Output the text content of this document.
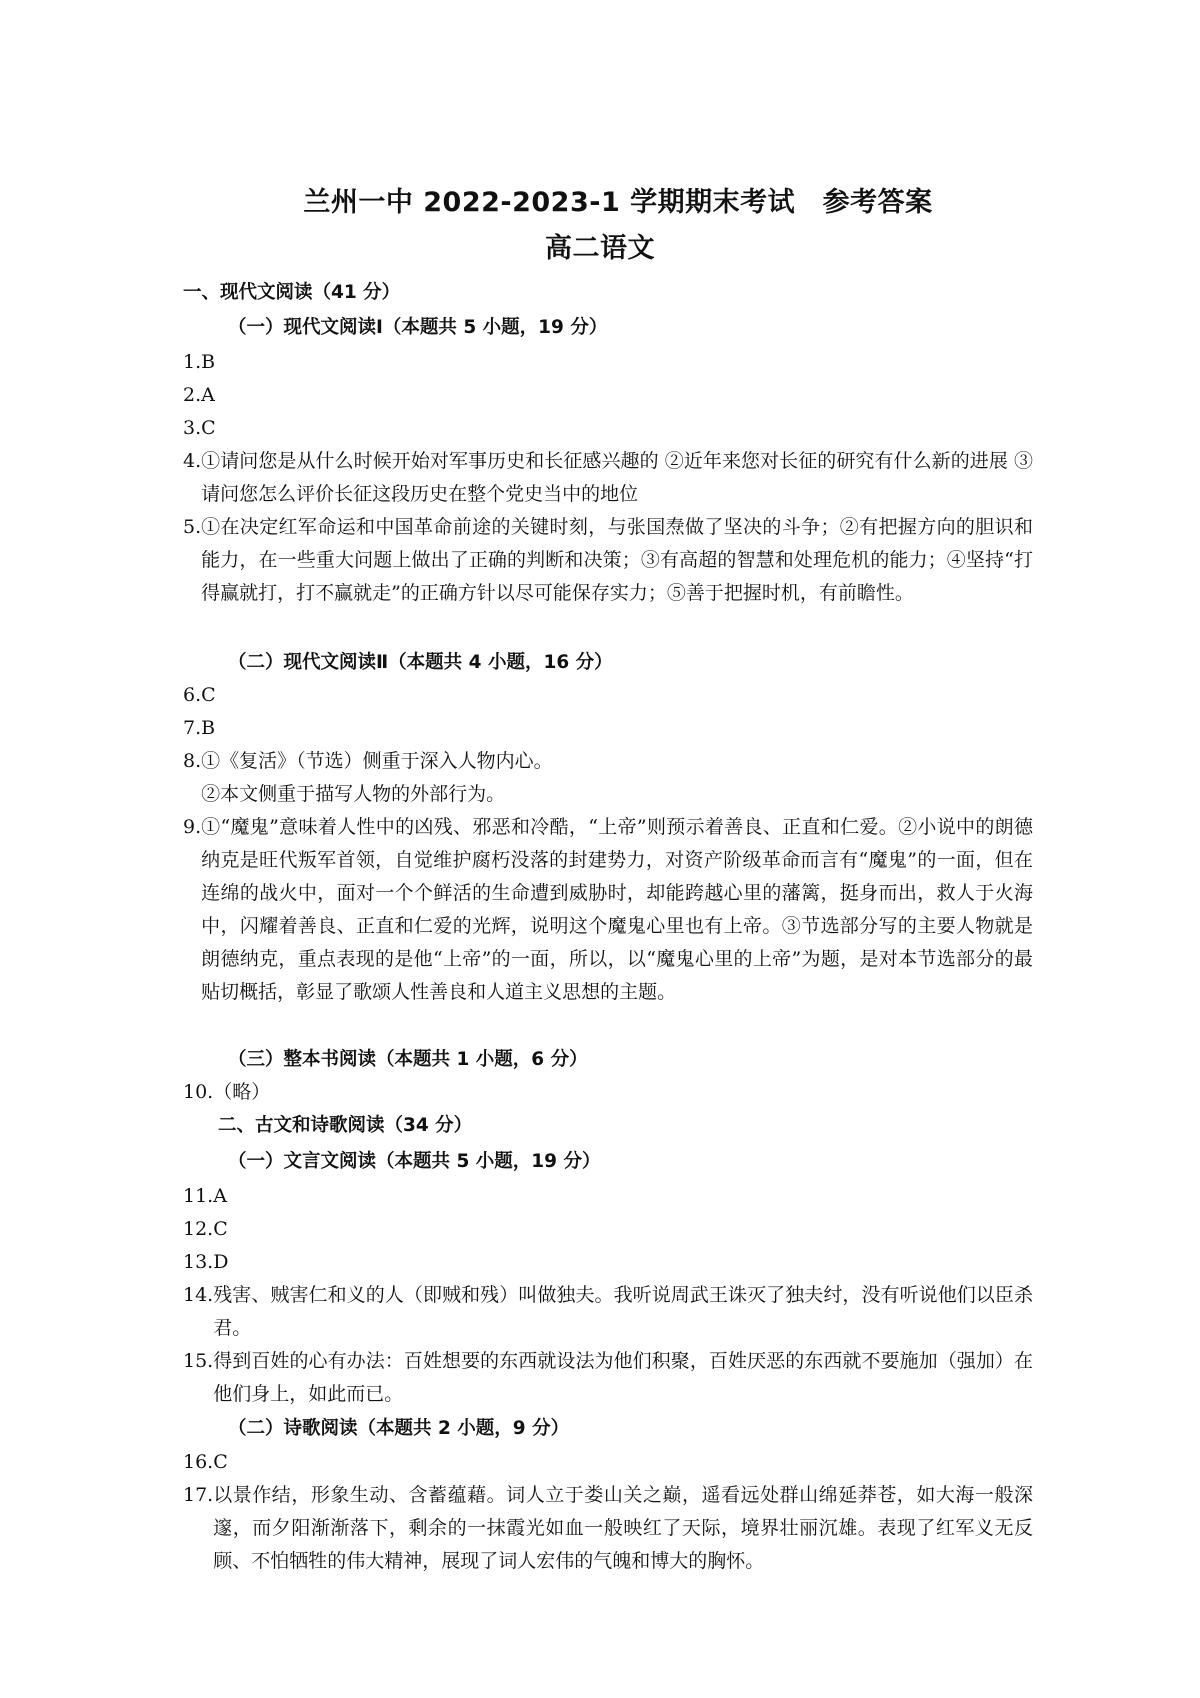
兰州一中 2022-2023-1 学期期末考试　参考答案
高二语文
一、现代文阅读（41 分）
（一）现代文阅读Ⅰ（本题共 5 小题，19 分）
1.B
2.A
3.C
4. ①请问您是从什么时候开始对军事历史和长征感兴趣的 ②近年来您对长征的研究有什么新的进展 ③请问您怎么评价长征这段历史在整个党史当中的地位
5. ①在决定红军命运和中国革命前途的关键时刻，与张国焘做了坚决的斗争；②有把握方向的胆识和能力，在一些重大问题上做出了正确的判断和决策；③有高超的智慧和处理危机的能力；④坚持“打得赢就打，打不赢就走”的正确方针以尽可能保存实力；⑤善于把握时机，有前瞻性。
（二）现代文阅读Ⅱ（本题共 4 小题，16 分）
6.C
7.B
8. ①《复活》（节选）侧重于深入人物内心。
②本文侧重于描写人物的外部行为。
9. ①“魔鬼”意味着人性中的凶残、邪恶和冷酷，“上帝”则预示着善良、正直和仁爱。②小说中的朗德纳克是旺代叛军首领，自觉维护腐朽没落的封建势力，对资产阶级革命而言有“魔鬼”的一面，但在连绵的战火中，面对一个个鲜活的生命遭到威胁时，却能跨越心里的藩篱，挺身而出，救人于火海中，闪耀着善良、正直和仁爱的光辉，说明这个魔鬼心里也有上帝。③节选部分写的主要人物就是朗德纳克，重点表现的是他“上帝”的一面，所以，以“魔鬼心里的上帝”为题，是对本节选部分的最贴切概括，彰显了歌颂人性善良和人道主义思想的主题。
（三）整本书阅读（本题共 1 小题，6 分）
10.（略）
二、古文和诗歌阅读（34 分）
（一）文言文阅读（本题共 5 小题，19 分）
11.A
12.C
13.D
14. 残害、贼害仁和义的人（即贼和残）叫做独夫。我听说周武王诛灭了独夫纣，没有听说他们以臣杀君。
15. 得到百姓的心有办法：百姓想要的东西就设法为他们积聚，百姓厌恶的东西就不要施加（强加）在他们身上，如此而已。
（二）诗歌阅读（本题共 2 小题，9 分）
16.C
17. 以景作结，形象生动、含蓄蕴藉。词人立于娄山关之巅，遥看远处群山绵延莽苍，如大海一般深邃，而夕阳渐渐落下，剩余的一抹霞光如血一般映红了天际，境界壮丽沉雄。表现了红军义无反顾、不怕牺牲的伟大精神，展现了词人宏伟的气魄和博大的胸怀。
